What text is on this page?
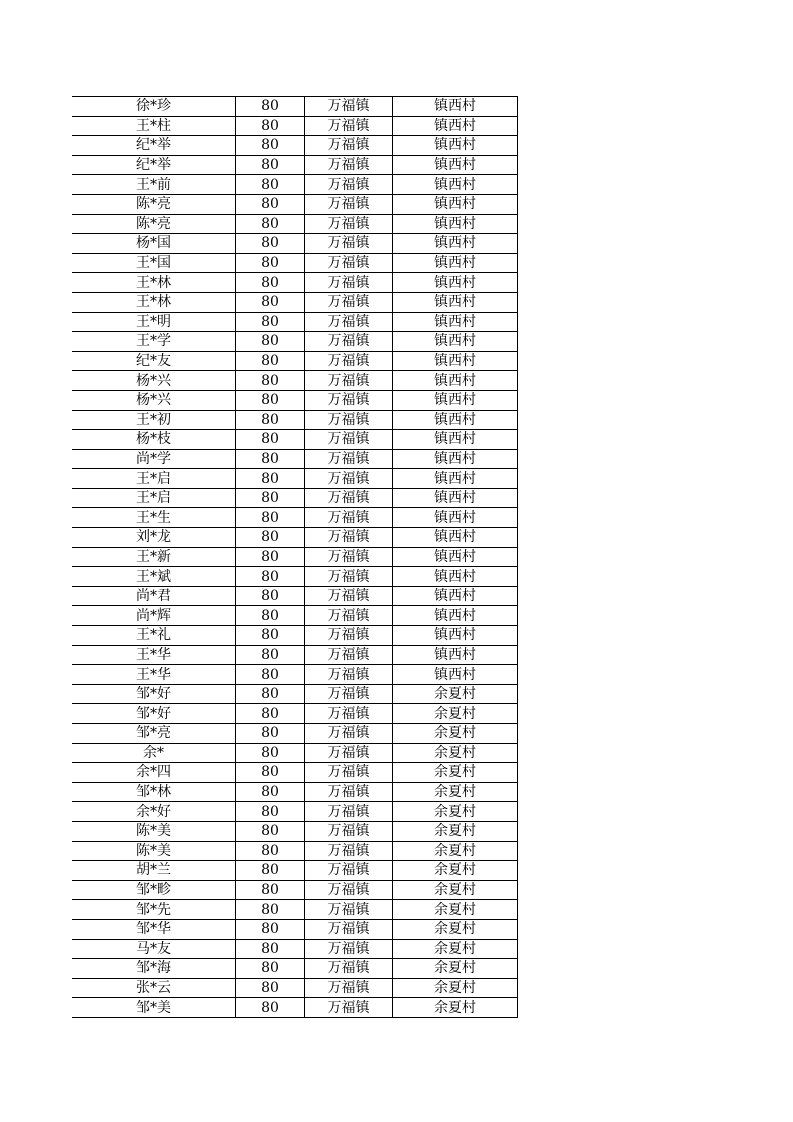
徐*珍	80	万福镇	镇西村
王*柱	80	万福镇	镇西村
纪*举	80	万福镇	镇西村
纪*举	80	万福镇	镇西村
王*前	80	万福镇	镇西村
陈*亮	80	万福镇	镇西村
陈*亮	80	万福镇	镇西村
杨*国	80	万福镇	镇西村
王*国	80	万福镇	镇西村
王*林	80	万福镇	镇西村
王*林	80	万福镇	镇西村
王*明	80	万福镇	镇西村
王*学	80	万福镇	镇西村
纪*友	80	万福镇	镇西村
杨*兴	80	万福镇	镇西村
杨*兴	80	万福镇	镇西村
王*初	80	万福镇	镇西村
杨*枝	80	万福镇	镇西村
尚*学	80	万福镇	镇西村
王*启	80	万福镇	镇西村
王*启	80	万福镇	镇西村
王*生	80	万福镇	镇西村
刘*龙	80	万福镇	镇西村
王*新	80	万福镇	镇西村
王*斌	80	万福镇	镇西村
尚*君	80	万福镇	镇西村
尚*辉	80	万福镇	镇西村
王*礼	80	万福镇	镇西村
王*华	80	万福镇	镇西村
王*华	80	万福镇	镇西村
邹*好	80	万福镇	余夏村
邹*好	80	万福镇	余夏村
邹*亮	80	万福镇	余夏村
余*	80	万福镇	余夏村
余*四	80	万福镇	余夏村
邹*林	80	万福镇	余夏村
余*好	80	万福镇	余夏村
陈*美	80	万福镇	余夏村
陈*美	80	万福镇	余夏村
胡*兰	80	万福镇	余夏村
邹*畛	80	万福镇	余夏村
邹*先	80	万福镇	余夏村
邹*华	80	万福镇	余夏村
马*友	80	万福镇	余夏村
邹*海	80	万福镇	余夏村
张*云	80	万福镇	余夏村
邹*美	80	万福镇	余夏村
